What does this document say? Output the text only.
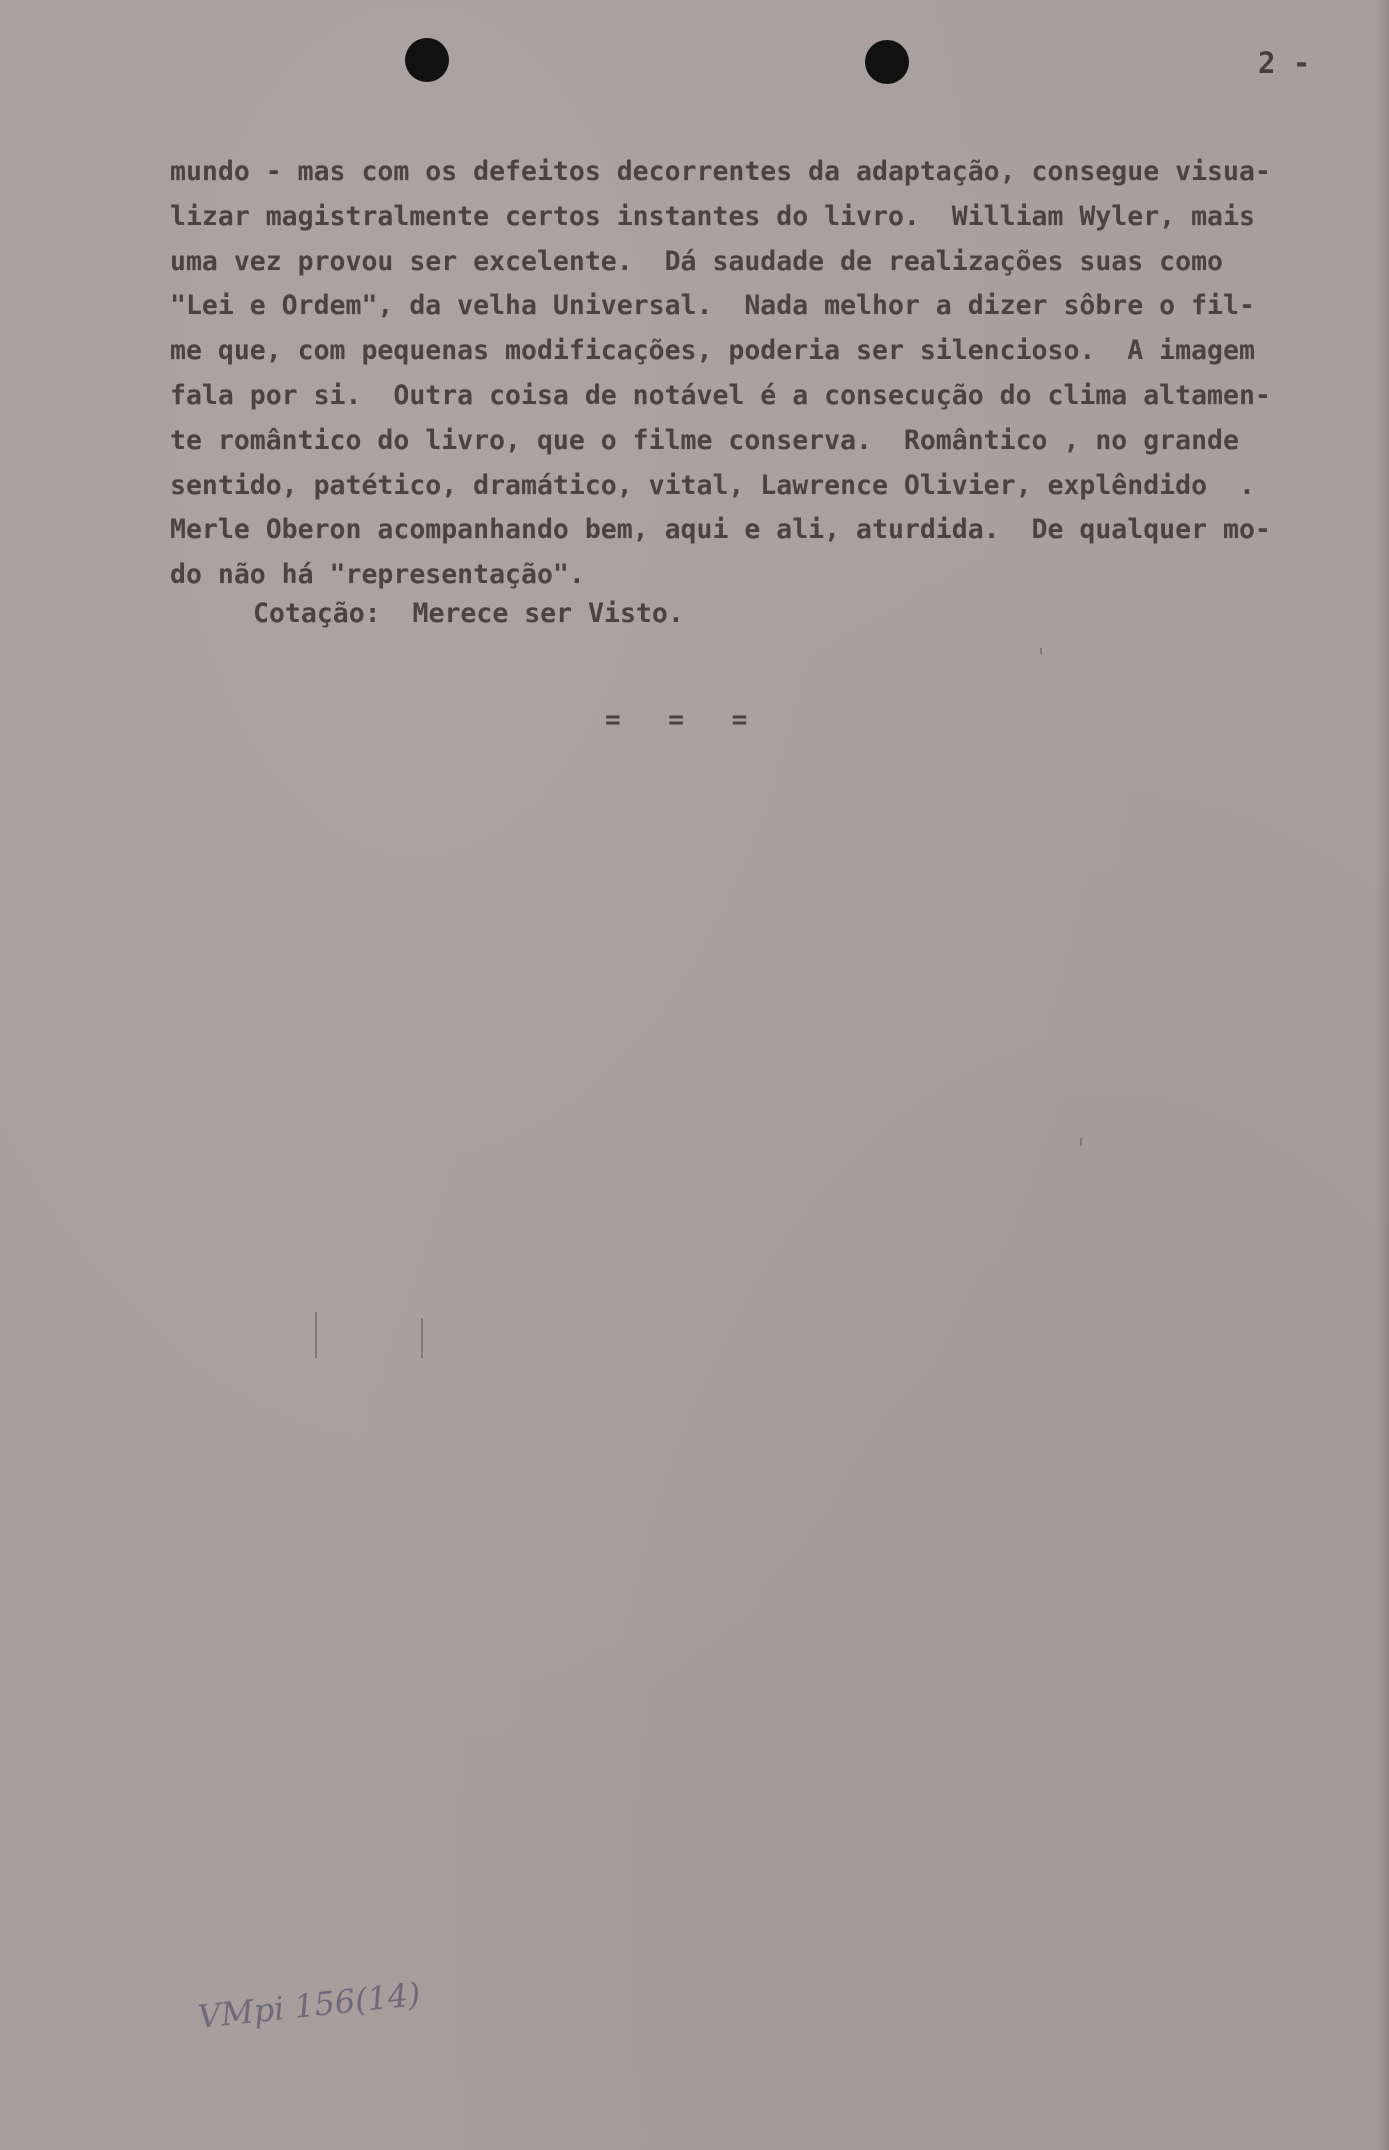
2 -
mundo - mas com os defeitos decorrentes da adaptação, consegue visua-
lizar magistralmente certos instantes do livro.  William Wyler, mais
uma vez provou ser excelente.  Dá saudade de realizações suas como
"Lei e Ordem", da velha Universal.  Nada melhor a dizer sôbre o fil-
me que, com pequenas modificações, poderia ser silencioso.  A imagem
fala por si.  Outra coisa de notável é a consecução do clima altamen-
te romântico do livro, que o filme conserva.  Romântico , no grande
sentido, patético, dramático, vital, Lawrence Olivier, explêndido  .
Merle Oberon acompanhando bem, aqui e ali, aturdida.  De qualquer mo-
do não há "representação".
Cotação:  Merece ser Visto.
= = =
VMpi 156(14)
